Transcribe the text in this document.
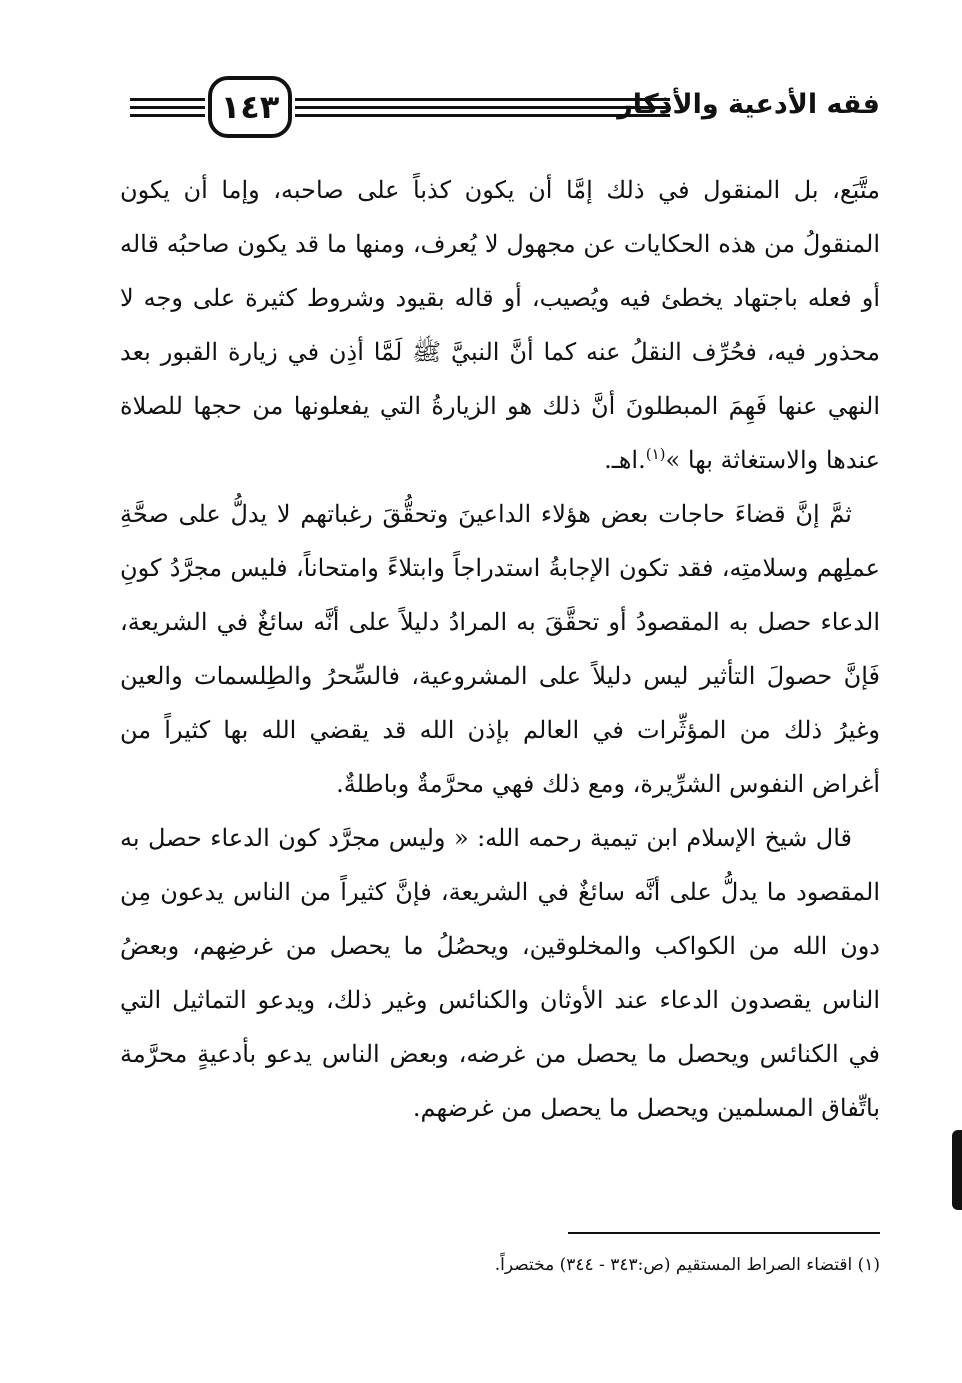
١٤٣	فقه الأدعية والأذكار

متَّبَع، بل المنقول في ذلك إمَّا أن يكون كذباً على صاحبه، وإما أن يكون المنقولُ من هذه الحكايات عن مجهول لا يُعرف، ومنها ما قد يكون صاحبُه قاله أو فعله باجتهاد يخطئ فيه ويُصيب، أو قاله بقيود وشروط كثيرة على وجه لا محذور فيه، فحُرِّف النقلُ عنه كما أنَّ النبيَّ ﷺ لَمَّا أذِن في زيارة القبور بعد النهي عنها فَهِمَ المبطلونَ أنَّ ذلك هو الزيارةُ التي يفعلونها من حجها للصلاة عندها والاستغاثة بها »$^{(١)}$.اهـ.

ثمَّ إنَّ قضاءَ حاجات بعض هؤلاء الداعينَ وتحقُّقَ رغباتهم لا يدلُّ على صحَّةِ عملِهم وسلامتِه، فقد تكون الإجابةُ استدراجاً وابتلاءً وامتحاناً، فليس مجرَّدُ كونِ الدعاء حصل به المقصودُ أو تحقَّقَ به المرادُ دليلاً على أنَّه سائغٌ في الشريعة، فَإنَّ حصولَ التأثير ليس دليلاً على المشروعية، فالسِّحرُ والطِلسمات والعين وغيرُ ذلك من المؤثِّرات في العالم بإذن الله قد يقضي الله بها كثيراً من أغراض النفوس الشرِّيرة، ومع ذلك فهي محرَّمةٌ وباطلةٌ.

قال شيخ الإسلام ابن تيمية رحمه الله: « وليس مجرَّد كون الدعاء حصل به المقصود ما يدلُّ على أنَّه سائغٌ في الشريعة، فإنَّ كثيراً من الناس يدعون مِن دون الله من الكواكب والمخلوقين، ويحصُلُ ما يحصل من غرضِهم، وبعضُ الناس يقصدون الدعاء عند الأوثان والكنائس وغير ذلك، ويدعو التماثيل التي في الكنائس ويحصل ما يحصل من غرضه، وبعض الناس يدعو بأدعيةٍ محرَّمة باتِّفاق المسلمين ويحصل ما يحصل من غرضهم.

(١) اقتضاء الصراط المستقيم (ص:٣٤٣ - ٣٤٤) مختصراً.
